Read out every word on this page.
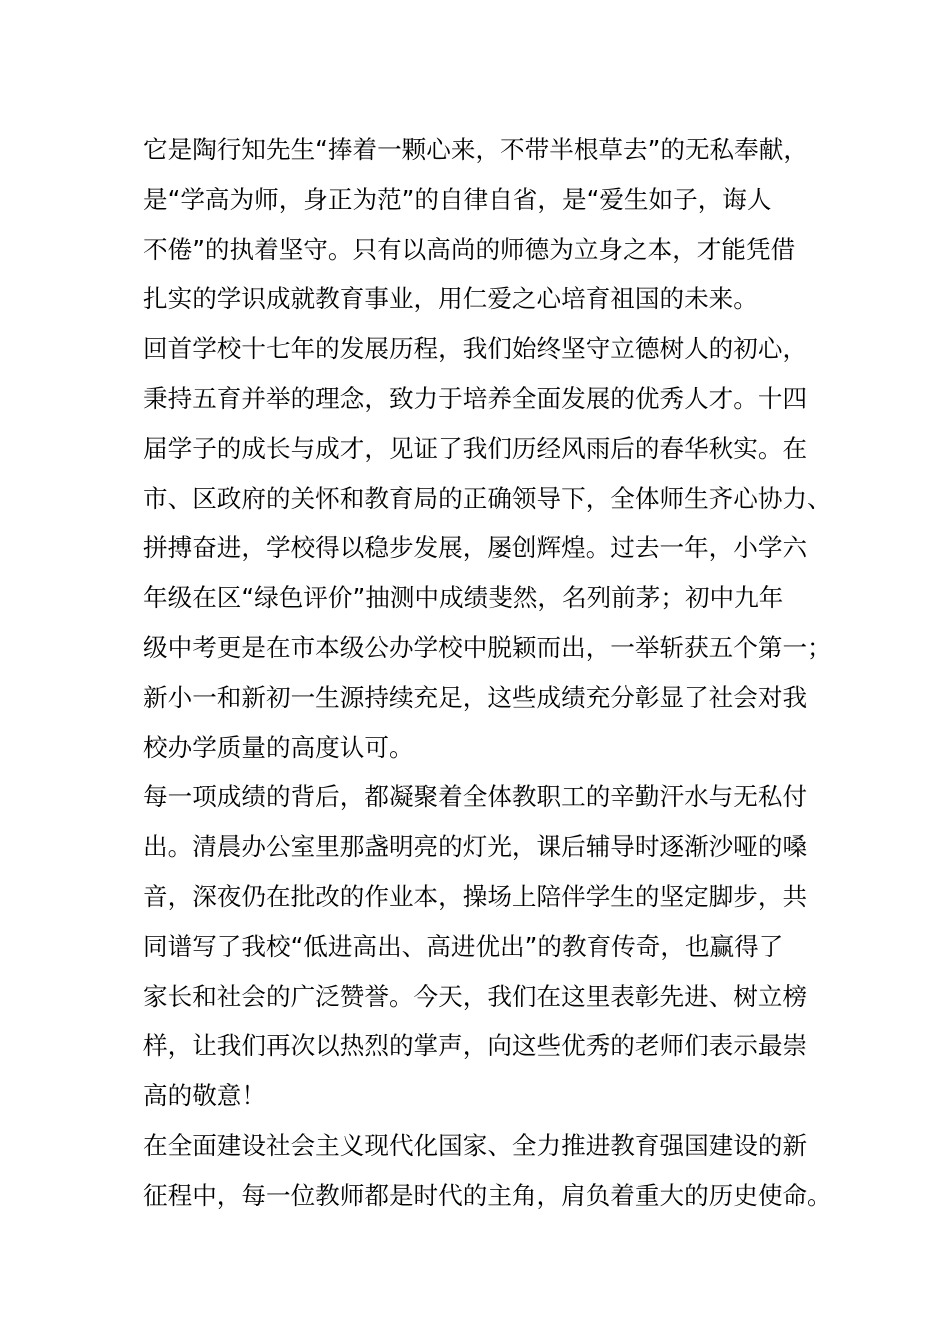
它是陶行知先生“捧着一颗心来，不带半根草去”的无私奉献，
是“学高为师，身正为范”的自律自省，是“爱生如子，诲人
不倦”的执着坚守。只有以高尚的师德为立身之本，才能凭借
扎实的学识成就教育事业，用仁爱之心培育祖国的未来。
回首学校十七年的发展历程，我们始终坚守立德树人的初心，
秉持五育并举的理念，致力于培养全面发展的优秀人才。十四
届学子的成长与成才，见证了我们历经风雨后的春华秋实。在
市、区政府的关怀和教育局的正确领导下，全体师生齐心协力、
拼搏奋进，学校得以稳步发展，屡创辉煌。过去一年，小学六
年级在区“绿色评价”抽测中成绩斐然，名列前茅；初中九年
级中考更是在市本级公办学校中脱颖而出，一举斩获五个第一；
新小一和新初一生源持续充足，这些成绩充分彰显了社会对我
校办学质量的高度认可。
每一项成绩的背后，都凝聚着全体教职工的辛勤汗水与无私付
出。清晨办公室里那盏明亮的灯光，课后辅导时逐渐沙哑的嗓
音，深夜仍在批改的作业本，操场上陪伴学生的坚定脚步，共
同谱写了我校“低进高出、高进优出”的教育传奇，也赢得了
家长和社会的广泛赞誉。今天，我们在这里表彰先进、树立榜
样，让我们再次以热烈的掌声，向这些优秀的老师们表示最崇
高的敬意！
在全面建设社会主义现代化国家、全力推进教育强国建设的新
征程中，每一位教师都是时代的主角，肩负着重大的历史使命。
